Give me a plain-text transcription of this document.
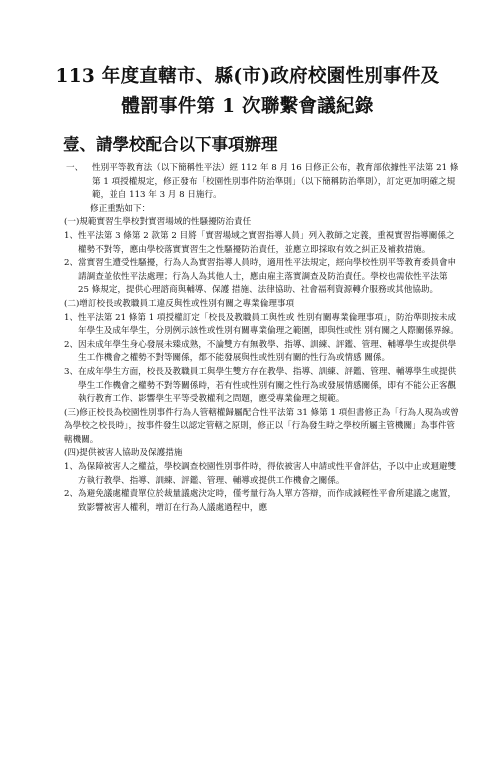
113 年度直轄市、縣(市)政府校園性別事件及
體罰事件第 1 次聯繫會議紀錄
壹、請學校配合以下事項辦理
一、	性別平等教育法（以下簡稱性平法）經 112 年 8 月 16 日修正公布，教育部依據性平法第 21 條第 1 項授權規定，修正發布「校園性別事件防治準則」（以下簡稱防治準則），訂定更加明確之規範，並自 113 年 3 月 8 日施行。
修正重點如下：
(一)規範實習生學校對實習場域的性騷擾防治責任
1、 性平法第 3 條第 2 款第 2 目將「實習場域之實習指導人員」列入教師之定義，重視實習指導關係之權勢不對等，應由學校落實實習生之性騷擾防治責任，並應立即採取有效之糾正及補救措施。
2、 當實習生遭受性騷擾，行為人為實習指導人員時，適用性平法規定，經向學校性別平等教育委員會申請調查並依性平法處理；行為人為其他人士，應由雇主落實調查及防治責任。學校也需依性平法第 25 條規定，提供心理諮商與輔導、保護 措施、法律協助、社會福利資源轉介服務或其他協助。
(二)增訂校長或教職員工違反與性或性別有關之專業倫理事項
1、 性平法第 21 條第 1 項授權訂定「校長及教職員工與性或 性別有關專業倫理事項」，防治準則按未成年學生及成年學生，分別例示該性或性別有關專業倫理之範圍，即與性或性 別有關之人際關係界線。
2、 因未成年學生身心發展未臻成熟，不論雙方有無教學、指導、訓練、評鑑、管理、輔導學生或提供學生工作機會之權勢不對等關係，都不能發展與性或性別有關的性行為或情感 關係。
3、 在成年學生方面，校長及教職員工與學生雙方存在教學、指導、訓練、評鑑、管理、輔導學生或提供學生工作機會之權勢不對等關係時，若有性或性別有關之性行為或發展情感關係，即有不能公正客觀執行教育工作、影響學生平等受教權利之問題，應受專業倫理之規範。
(三)修正校長為校園性別事件行為人管轄權歸屬配合性平法第 31 條第 1 項但書修正為「行為人現為或曾為學校之校長時」，按事件發生以認定管轄之原則，修正以「行為發生時之學校所屬主管機關」為事件管轄機關。
(四)提供被害人協助及保護措施
1、 為保障被害人之權益，學校調查校園性別事件時，得依被害人申請或性平會評估，予以中止或迴避雙方執行教學、指導、訓練、評鑑、管理、輔導或提供工作機會之關係。
2、 為避免議處權責單位於裁量議處決定時，僅考量行為人單方答辯，而作成減輕性平會所建議之處置，致影響被害人權利，增訂在行為人議處過程中，應
